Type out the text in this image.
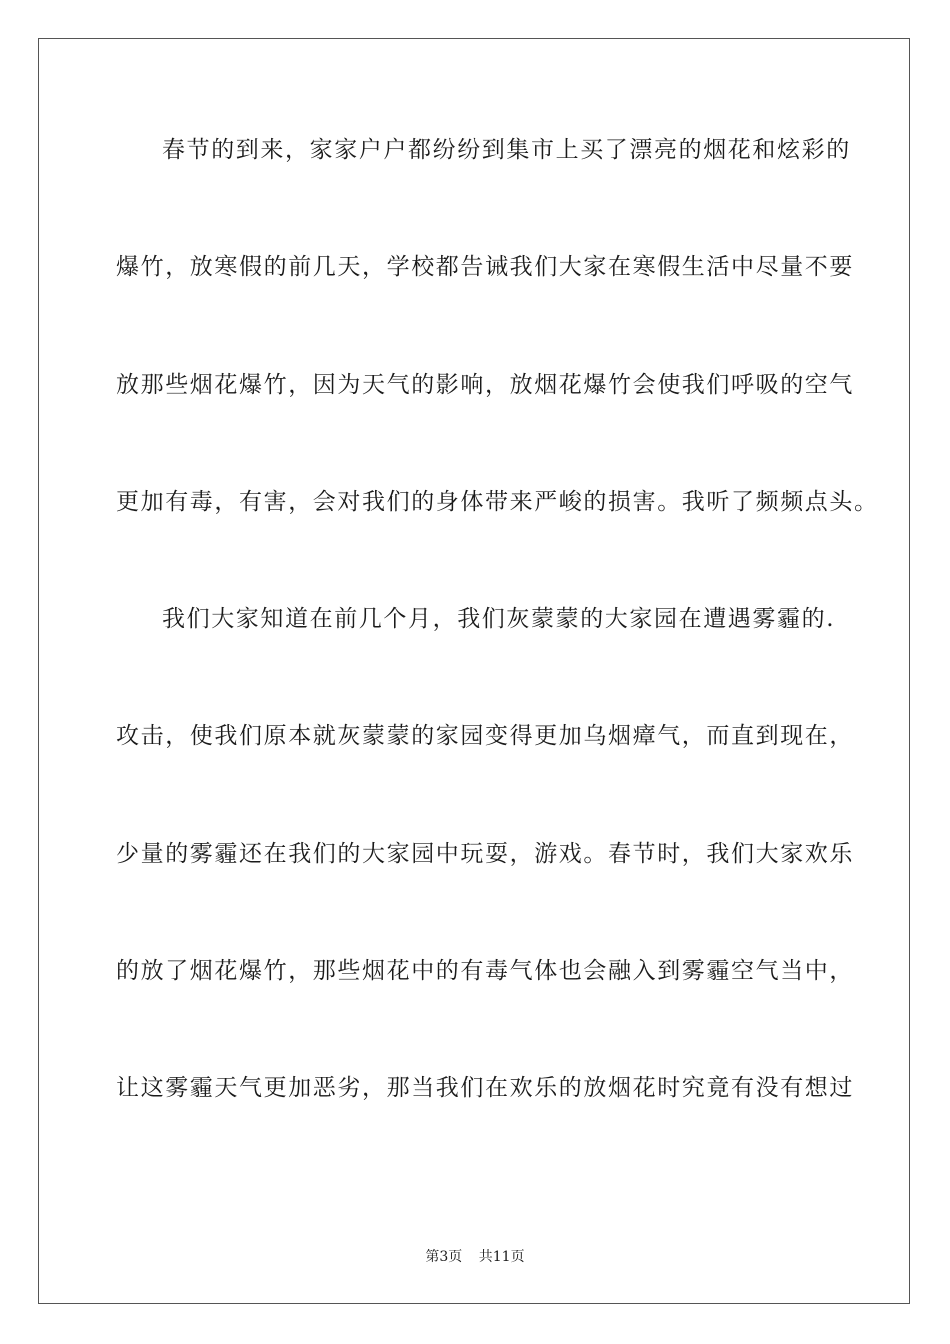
春节的到来，家家户户都纷纷到集市上买了漂亮的烟花和炫彩的

爆竹，放寒假的前几天，学校都告诫我们大家在寒假生活中尽量不要

放那些烟花爆竹，因为天气的影响，放烟花爆竹会使我们呼吸的空气

更加有毒，有害，会对我们的身体带来严峻的损害。我听了频频点头。

我们大家知道在前几个月，我们灰蒙蒙的大家园在遭遇雾霾的.

攻击，使我们原本就灰蒙蒙的家园变得更加乌烟瘴气，而直到现在，

少量的雾霾还在我们的大家园中玩耍，游戏。春节时，我们大家欢乐

的放了烟花爆竹，那些烟花中的有毒气体也会融入到雾霾空气当中，

让这雾霾天气更加恶劣，那当我们在欢乐的放烟花时究竟有没有想过

第3页 共11页
